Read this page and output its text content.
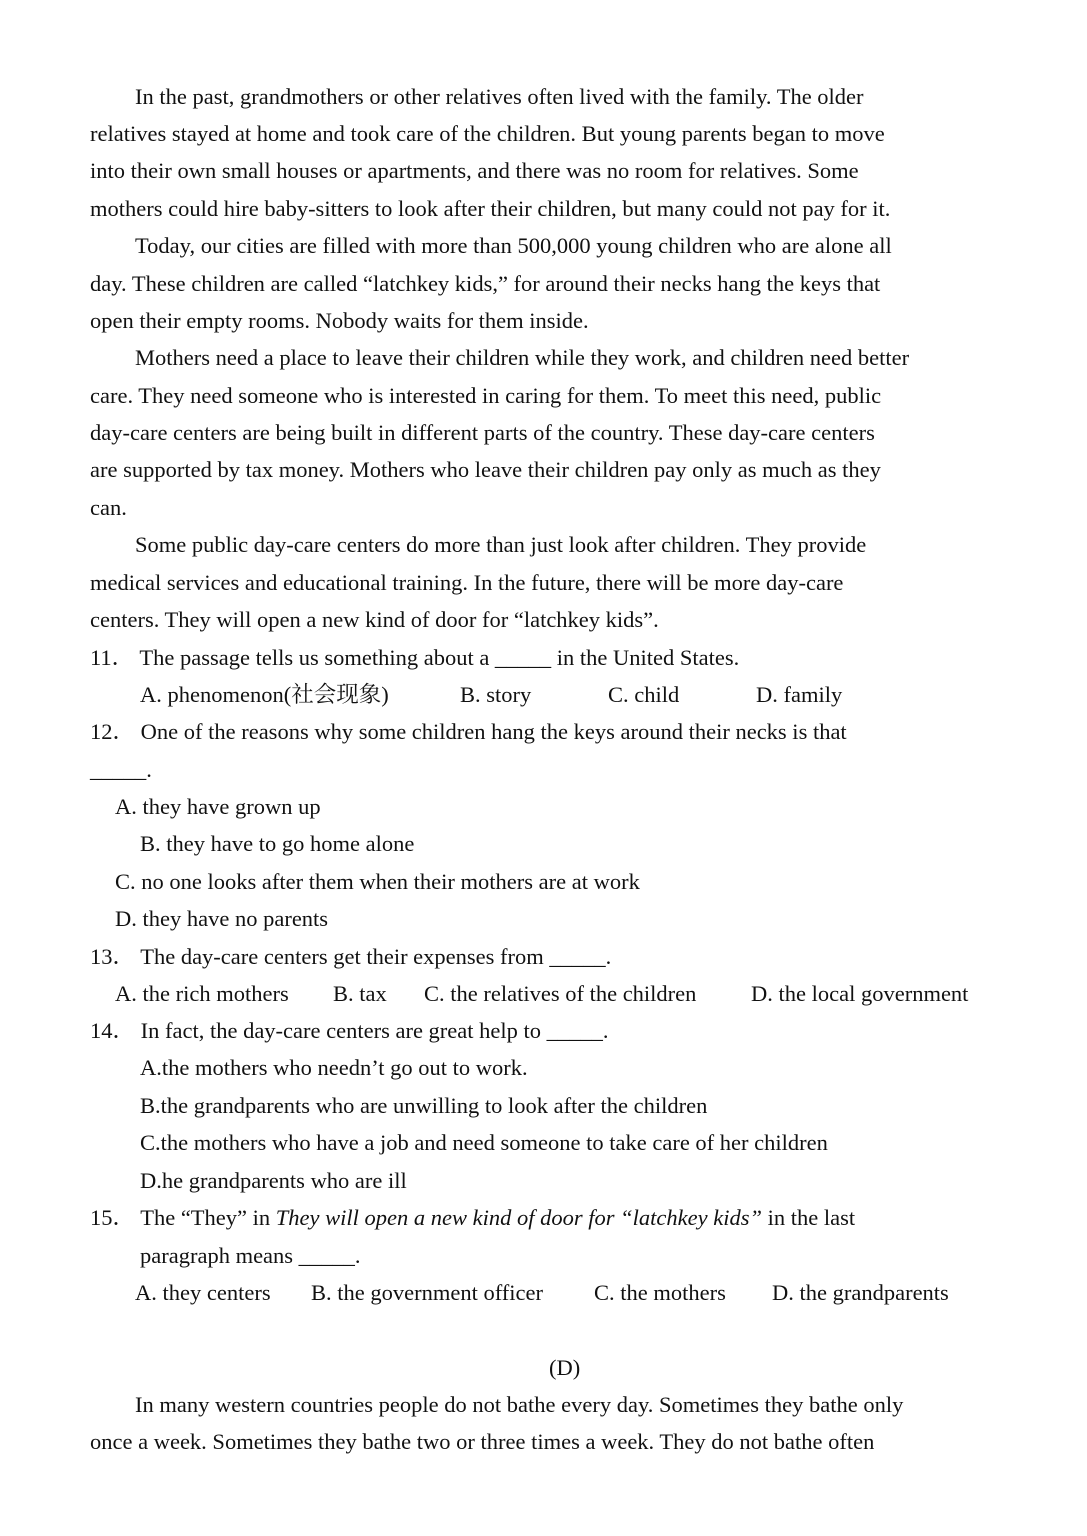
In the past, grandmothers or other relatives often lived with the family. The older
relatives stayed at home and took care of the children. But young parents began to move
into their own small houses or apartments, and there was no room for relatives. Some
mothers could hire baby-sitters to look after their children, but many could not pay for it.
Today, our cities are filled with more than 500,000 young children who are alone all
day. These children are called “latchkey kids,” for around their necks hang the keys that
open their empty rooms. Nobody waits for them inside.
Mothers need a place to leave their children while they work, and children need better
care. They need someone who is interested in caring for them. To meet this need, public
day-care centers are being built in different parts of the country. These day-care centers
are supported by tax money. Mothers who leave their children pay only as much as they
can.
Some public day-care centers do more than just look after children. They provide
medical services and educational training. In the future, there will be more day-care
centers. They will open a new kind of door for “latchkey kids”.
11． The passage tells us something about a _____ in the United States.
A. phenomenon(社会现象)	B. story	C. child	D. family
12． One of the reasons why some children hang the keys around their necks is that
_____.
A. they have grown up
B. they have to go home alone
C. no one looks after them when their mothers are at work
D. they have no parents
13． The day-care centers get their expenses from _____.
A. the rich mothers B. tax C. the relatives of the children D. the local government
14． In fact, the day-care centers are great help to _____.
A.the mothers who needn’t go out to work.
B.the grandparents who are unwilling to look after the children
C.the mothers who have a job and need someone to take care of her children
D.he grandparents who are ill
15． The “They” in They will open a new kind of door for “latchkey kids” in the last
paragraph means _____.
A. they centers B. the government officer C. the mothers D. the grandparents
(D)
In many western countries people do not bathe every day. Sometimes they bathe only
once a week. Sometimes they bathe two or three times a week. They do not bathe often
